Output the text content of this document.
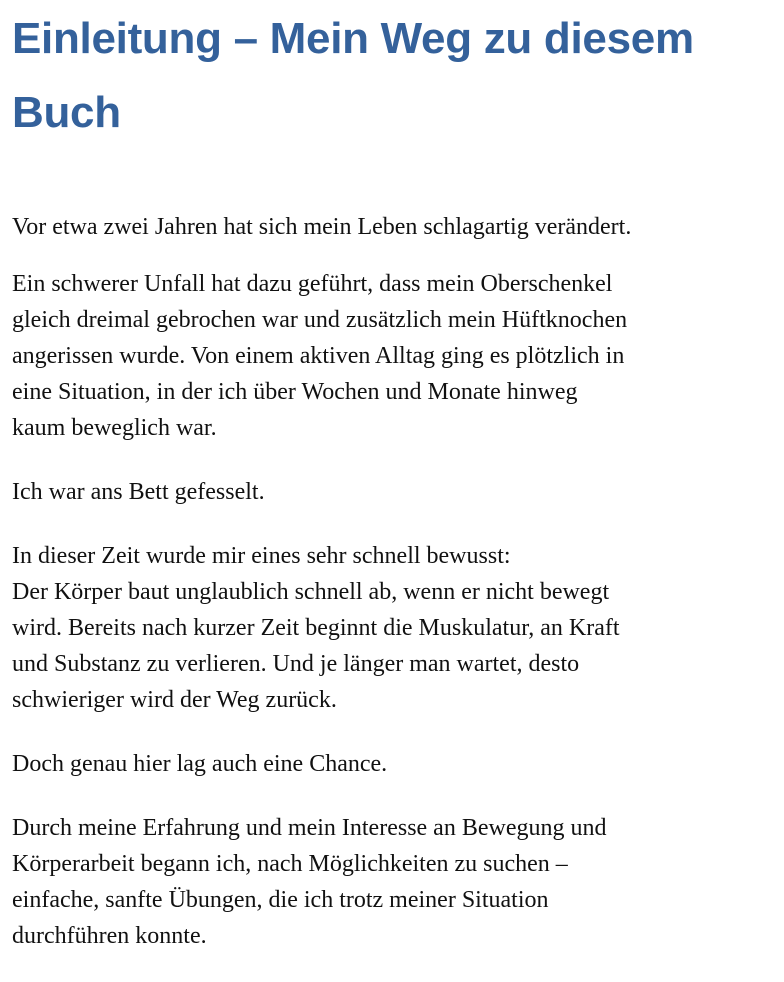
Einleitung – Mein Weg zu diesem
Buch

Vor etwa zwei Jahren hat sich mein Leben schlagartig verändert.

Ein schwerer Unfall hat dazu geführt, dass mein Oberschenkel
gleich dreimal gebrochen war und zusätzlich mein Hüftknochen
angerissen wurde. Von einem aktiven Alltag ging es plötzlich in
eine Situation, in der ich über Wochen und Monate hinweg
kaum beweglich war.

Ich war ans Bett gefesselt.

In dieser Zeit wurde mir eines sehr schnell bewusst:
Der Körper baut unglaublich schnell ab, wenn er nicht bewegt
wird. Bereits nach kurzer Zeit beginnt die Muskulatur, an Kraft
und Substanz zu verlieren. Und je länger man wartet, desto
schwieriger wird der Weg zurück.

Doch genau hier lag auch eine Chance.

Durch meine Erfahrung und mein Interesse an Bewegung und
Körperarbeit begann ich, nach Möglichkeiten zu suchen –
einfache, sanfte Übungen, die ich trotz meiner Situation
durchführen konnte.
